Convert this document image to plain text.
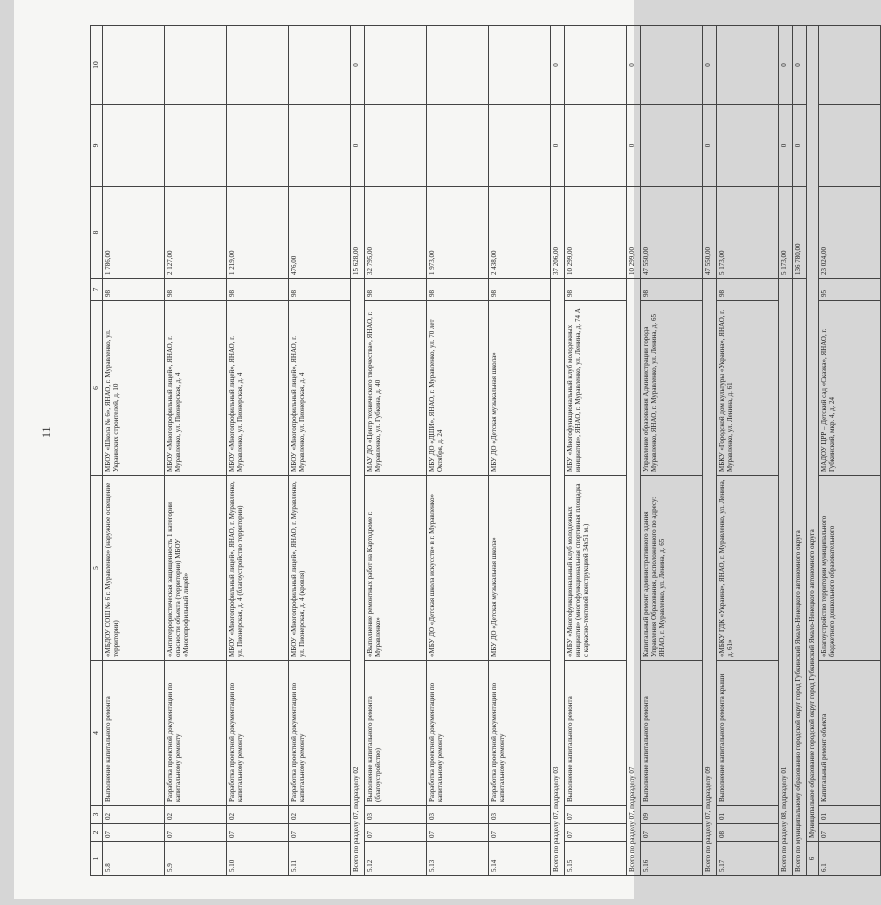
11
1	2	3	4	5	6	7	8	9	10
5.8	07	02	Выполнение капитального ремонта	«МБДОУ СОШ № 6 г. Муравленко» (наружное освещение территории)	МБОУ «Школа № 6», ЯНАО, г. Муравленко, ул. Украинских строителей, д. 10	98	1 786,00		
5.9	07	02	Разработка проектной документации по капитальному ремонту	«Антитеррористическая защищенность 1 категории опасности объекта (территории) МБОУ «Многопрофильный лицей»	МБОУ «Многопрофильный лицей», ЯНАО, г. Муравленко, ул. Пионерская, д. 4	98	2 127,00		
5.10	07	02	Разработка проектной документации по капитальному ремонту	МБОУ «Многопрофильный лицей», ЯНАО, г. Муравленко, ул. Пионерская, д. 4 (благоустройство территории)	МБОУ «Многопрофильный лицей», ЯНАО, г. Муравленко, ул. Пионерская, д. 4	98	1 219,00		
5.11	07	02	Разработка проектной документации по капитальному ремонту	МБОУ «Многопрофильный лицей», ЯНАО, г. Муравленко, ул. Пионерская, д. 4 (кровля)	МБОУ «Многопрофильный лицей», ЯНАО, г. Муравленко, ул. Пионерская, д. 4	98	476,00		
Всего по разделу 07, подразделу 02							15 628,00	0	0
5.12	07	03	Выполнение капитального ремонта (благоустройство)	«Выполнение ремонтных работ на Картодроме г. Муравленко»	МАУ ДО «Центр технического творчества», ЯНАО, г. Муравленко, ул. Губкина, д. 40	98	32 795,00		
5.13	07	03	Разработка проектной документации по капитальному ремонту	«МБУ ДО «Детская школа искусств» в г. Муравленко»	МБУ ДО «ДШИ», ЯНАО, г. Муравленко, ул. 70 лет Октября, д. 24	98	1 973,00		
5.14	07	03	Разработка проектной документации по капитальному ремонту	МБУ ДО «Детская музыкальная школа»	МБУ ДО «Детская музыкальная школа»	98	2 438,00		
Всего по разделу 07, подразделу 03							37 206,00	0	0
5.15	07	07	Выполнение капитального ремонта	«МБУ «Многофункциональный клуб молодежных инициатив» (многофункциональная спортивная площадка с каркасно-тентовой конструкцией 34х51 м.)	МБУ «Многофункциональный клуб молодежных инициатив», ЯНАО, г. Муравленко, ул. Ленина, д. 74 А	98	10 299,00		
Всего по разделу 07, подразделу 07							10 299,00	0	0
5.16	07	09	Выполнение капитального ремонта	Капитальный ремонт административного здания Управления Образования, расположенного по адресу: ЯНАО, г. Муравленко, ул. Ленина, д. 65	Управление образования Администрации города Муравленко, ЯНАО, г. Муравленко, ул. Ленина, д. 65	98	47 550,00		
Всего по разделу 07, подразделу 09							47 550,00	0	0
5.17	08	01	Выполнение капитального ремонта крыши	«МБКУ ГДК «Украина», ЯНАО, г. Муравленко, ул. Ленина, д. 61»	МБКУ «Городской дом культуры «Украина», ЯНАО, г. Муравленко, ул. Ленина, д. 61	98	5 173,00		
Всего по разделу 08, подразделу 01							5 173,00	0	0
Всего по муниципальному образованию городской округ город Губкинский Ямало-Ненецкого автономного округа							136 780,00	0	0
6	Муниципальное образование городской округ город Губкинский Ямало-Ненецкого автономного округа								
6.1	07	01	Капитальный ремонт объекта	«Благоустройство территории муниципального бюджетного дошкольного образовательного	МАДОУ ЦРР – Детский сад «Сказка», ЯНАО, г. Губкинский, мкр. 4, д. 24	95	23 024,00		
